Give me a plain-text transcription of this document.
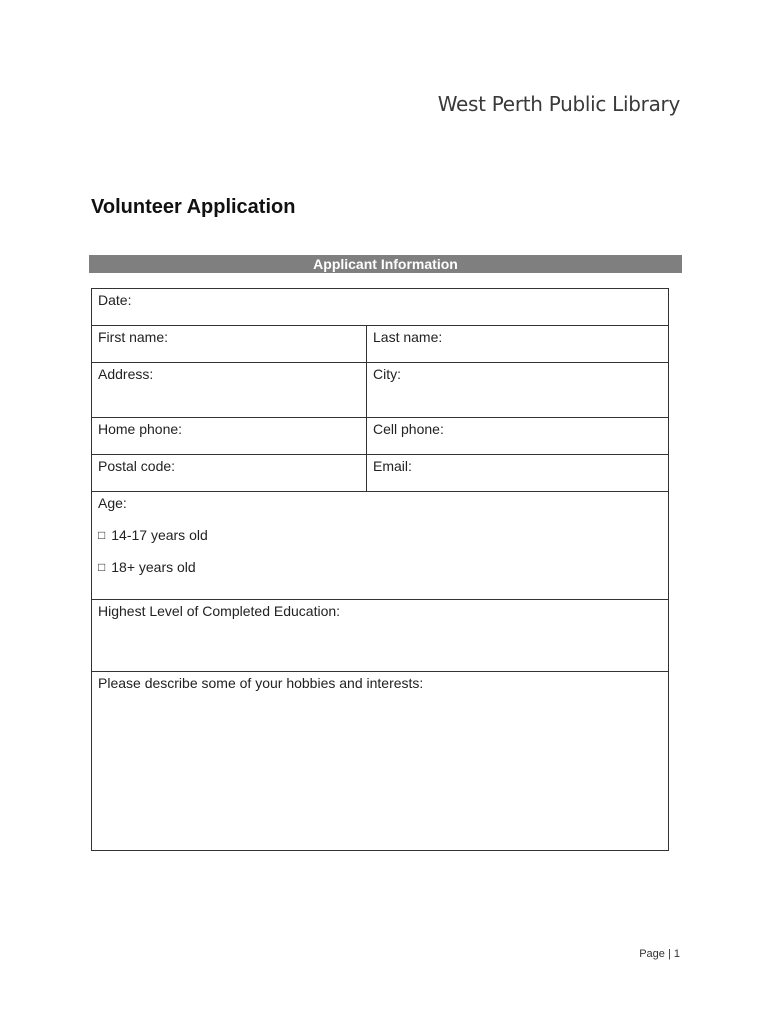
West Perth Public Library
Volunteer Application
Applicant Information
Date:	
First name:	Last name:
Address:	City:
Home phone:	Cell phone:
Postal code:	Email:

Age:
□ 14-17 years old
□ 18+ years old	

Highest Level of Completed Education:	
Please describe some of your hobbies and interests:	
Page | 1
